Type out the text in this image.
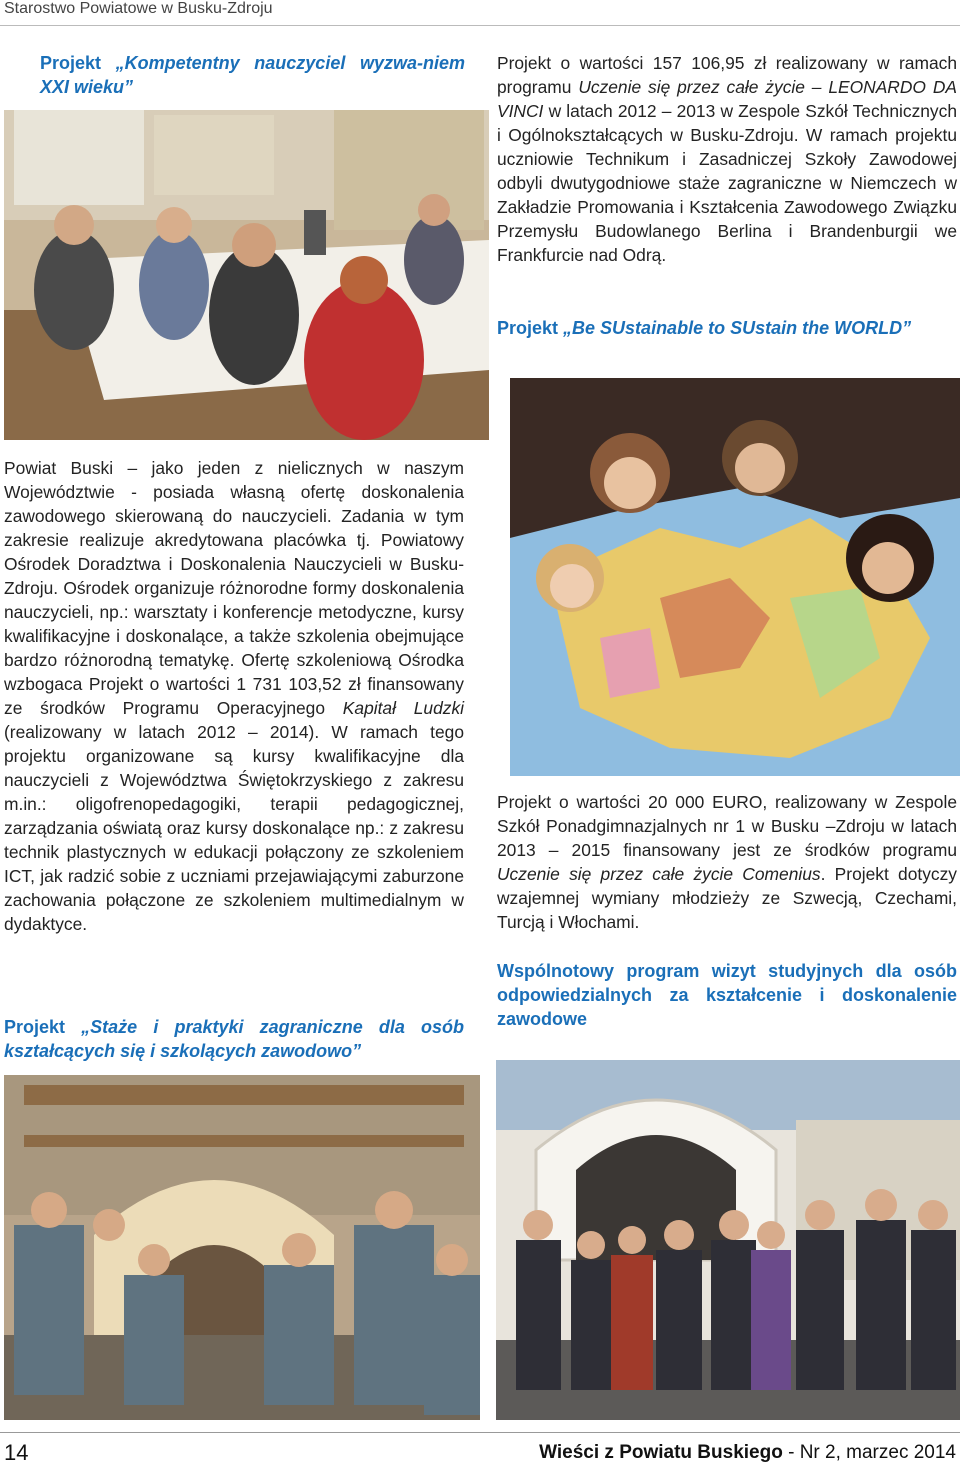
Starostwo Powiatowe w Busku-Zdroju
Projekt „Kompetentny nauczyciel wyzwa-niem XXI wieku”
Powiat Buski – jako jeden z nielicznych w naszym Województwie - posiada własną ofertę doskonalenia zawodowego skierowaną do nauczycieli. Zadania w tym zakresie realizuje akredytowana placówka tj. Powiatowy Ośrodek Doradztwa i Doskonalenia Nauczycieli w Busku-Zdroju. Ośrodek organizuje różnorodne formy doskonalenia nauczycieli, np.: warsztaty i konferencje metodyczne, kursy kwalifikacyjne i doskonalące, a także szkolenia obejmujące bardzo różnorodną tematykę. Ofertę szkoleniową Ośrodka wzbogaca Projekt o wartości 1 731 103,52 zł finansowany ze środków Programu Operacyjnego Kapitał Ludzki (realizowany w latach 2012 – 2014). W ramach tego projektu organizowane są kursy kwalifikacyjne dla nauczycieli z Województwa Świętokrzyskiego z zakresu m.in.: oligofrenopedagogiki, terapii pedagogicznej, zarządzania oświatą oraz kursy doskonalące np.: z zakresu technik plastycznych w edukacji połączony ze szkoleniem ICT, jak radzić sobie z uczniami przejawiającymi zaburzone zachowania połączone ze szkoleniem multimedialnym w dydaktyce.
Projekt „Staże i praktyki zagraniczne dla osób kształcących się i szkolących zawodowo”
Projekt o wartości 157 106,95 zł realizowany w ramach programu Uczenie się przez całe życie – LEONARDO DA VINCI w latach 2012 – 2013 w Zespole Szkół Technicznych i Ogólnokształcących w Busku-Zdroju. W ramach projektu uczniowie Technikum i Zasadniczej Szkoły Zawodowej odbyli dwutygodniowe staże zagraniczne w Niemczech w Zakładzie Promowania i Kształcenia Zawodowego Związku Przemysłu Budowlanego Berlina i Brandenburgii we Frankfurcie nad Odrą.
Projekt „Be SUstainable to SUstain the WORLD”
Projekt o wartości 20 000 EURO, realizowany w Zespole Szkół Ponadgimnazjalnych nr 1 w Busku –Zdroju w latach 2013 – 2015 finansowany jest ze środków programu Uczenie się przez całe życie Comenius. Projekt dotyczy wzajemnej wymiany młodzieży ze Szwecją, Czechami, Turcją i Włochami.
Wspólnotowy program wizyt studyjnych dla osób odpowiedzialnych za kształcenie i doskonalenie zawodowe
14	Wieści z Powiatu Buskiego - Nr 2, marzec 2014
